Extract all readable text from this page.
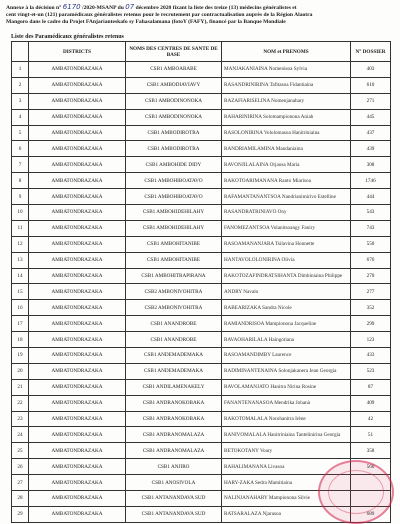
Annexe à la décision n° 6170 /2020-MSANP du 07 décembre 2020 fixant la liste des treize (13) médecins généralistes et
cent vingt-et-un (121) paramédicaux généralistes retenus pour le recrutement par contractualisation auprès de la Région Alaotra
Mangoro dans le cadre du Projet FAnjarianteskafo sy Fahasalamana (fotoY (FAFY), financé par la Banque Mondiale
Liste des Paramédicaux généralistes retenus
	DISTRICTS	NOMS DES CENTRES DE SANTE DE BASE	NOM et PRENOMS	N° DOSSIER
1	AMBATONDRAZAKA	CSB1 AMBOARABE	MANJAKANIAINA Nomenisoa Sylvia	403
2	AMBATONDRAZAKA	CSB1 AMBODIAVIAVY	RASANDRINIRINA Tafitasoa Fidantiaina	610
3	AMBATONDRAZAKA	CSB1 AMBODINONOKA	RAZAFIARISELINA Nomenjanahary	271
4	AMBATONDRAZAKA	CSB1 AMBODINONOKA	RAHARINIRINA Solomampionona Aniah	445
5	AMBATONDRAZAKA	CSB1 AMBODIROTRA	RASOLONIRINA Vololomasoa Hanitriniaina	437
6	AMBATONDRAZAKA	CSB1 AMBODIROTRA	RANDRIAMILAMINA Mandaniaina	439
7	AMBATONDRAZAKA	CSB1 AMBOHIDE DIDY	RAVONJILALAINA Orjaosa Maria	308
8	AMBATONDRAZAKA	CSB1 AMBOHIBOATAVO	RAKOTOARIMANANA Ranto Miarisoa	1746
9	AMBATONDRAZAKA	CSB1 AMBOHIBOATAVO	RAFAMANTANANTSOA Nandrianimirivo Estelline	444
10	AMBATONDRAZAKA	CSB1 AMBOHIDEHILAHY	RASANDRATRINIAVO Ony	543
11	AMBATONDRAZAKA	CSB1 AMBOHIDEHILAHY	FANOMEZANTSOA Volanitsoangy Faniry	743
12	AMBATONDRAZAKA	CSB1 AMBOHITANIBE	RASOAMANANJARA Tsilavina Honnette	550
13	AMBATONDRAZAKA	CSB1 AMBOHITANIBE	HANTAVOLOLONIRINA Olivia	676
14	AMBATONDRAZAKA	CSB1 AMBOHITRAPIRANA	RAKOTOZAFINDRATSIHANTA Dimbiniaina Philippe	270
15	AMBATONDRAZAKA	CSB2 AMBONIVOHITRA	ANDRY Navalo	277
16	AMBATONDRAZAKA	CSB2 AMBONIVOHITRA	RABEARIZAKA Sandra Nicole	352
17	AMBATONDRAZAKA	CSB1 ANANDROBE	RAMIANDRISOA Mampionona Jacqueline	299
18	AMBATONDRAZAKA	CSB1 ANANDROBE	RAVAOHARILALA Haingotiana	123
19	AMBATONDRAZAKA	CSB1 ANDEMADEMAKA	RASOAMANDIMBY Laurence	433
20	AMBATONDRAZAKA	CSB1 ANDEMADEMAKA	RADIMINANTENAINA Solonjakanera Jean Georgia	523
21	AMBATONDRAZAKA	CSB1 ANDILAMENAKELY	RAVOLAMANJATO Hanitra Nirina Rosine	87
22	AMBATONDRAZAKA	CSB1 ANDRANOKOBAKA	FANANTENANASOA Mendrika Johanà	409
23	AMBATONDRAZAKA	CSB1 ANDRANOKOBAKA	RAKOTOMALALA Norohanitra Irène	42
24	AMBATONDRAZAKA	CSB1 ANDRANOMALAZA	RANIVOMALALA Hanitriniaina Tantelinirina Georgia	51
25	AMBATONDRAZAKA	CSB1 ANDRANOMALAZA	BETOKOTANY Voary	358
26	AMBATONDRAZAKA	CSB1 ANJIRO	RAHALIMANANA Livasoa	560
27	AMBATONDRAZAKA	CSB1 ANOSIVOLA	HARY-ZAKA Sedra Mamitiaina	
28	AMBATONDRAZAKA	CSB1 ANTANANDAVA SUD	NALINJANAHARY Mampionona Silvie	
29	AMBATONDRAZAKA	CSB1 ANTANANDAVA SUD	RATSARALAZA Njarasoa	689
